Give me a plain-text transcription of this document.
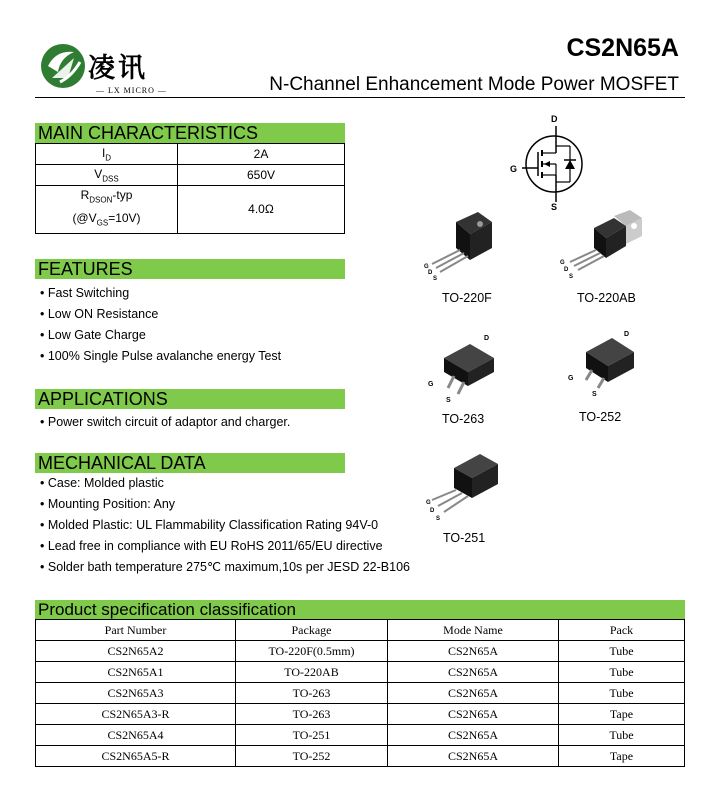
凌讯
— LX MICRO —
CS2N65A
N-Channel Enhancement Mode Power MOSFET
MAIN CHARACTERISTICS
$I_D$	2A
$V_{DSS}$	650V
$R_{DSON}$-typ
$(@V_{GS}=10V)$	4.0Ω
FEATURES
• Fast Switching
• Low ON Resistance
• Low Gate Charge
• 100% Single Pulse avalanche energy Test
APPLICATIONS
• Power switch circuit of adaptor and charger.
MECHANICAL DATA
• Case: Molded plastic
• Mounting Position: Any
• Molded Plastic: UL Flammability Classification Rating 94V-0
• Lead free in compliance with EU RoHS 2011/65/EU directive
• Solder bath temperature 275℃ maximum,10s per JESD 22-B106
D
G
S
G
D
S
TO-220F
G
D
S
TO-220AB
D
G
S
TO-263
D
G
S
TO-252
G
D
S
TO-251
Product specification classification
Part Number	Package	Mode Name	Pack
CS2N65A2	TO-220F(0.5mm)	CS2N65A	Tube
CS2N65A1	TO-220AB	CS2N65A	Tube
CS2N65A3	TO-263	CS2N65A	Tube
CS2N65A3-R	TO-263	CS2N65A	Tape
CS2N65A4	TO-251	CS2N65A	Tube
CS2N65A5-R	TO-252	CS2N65A	Tape
